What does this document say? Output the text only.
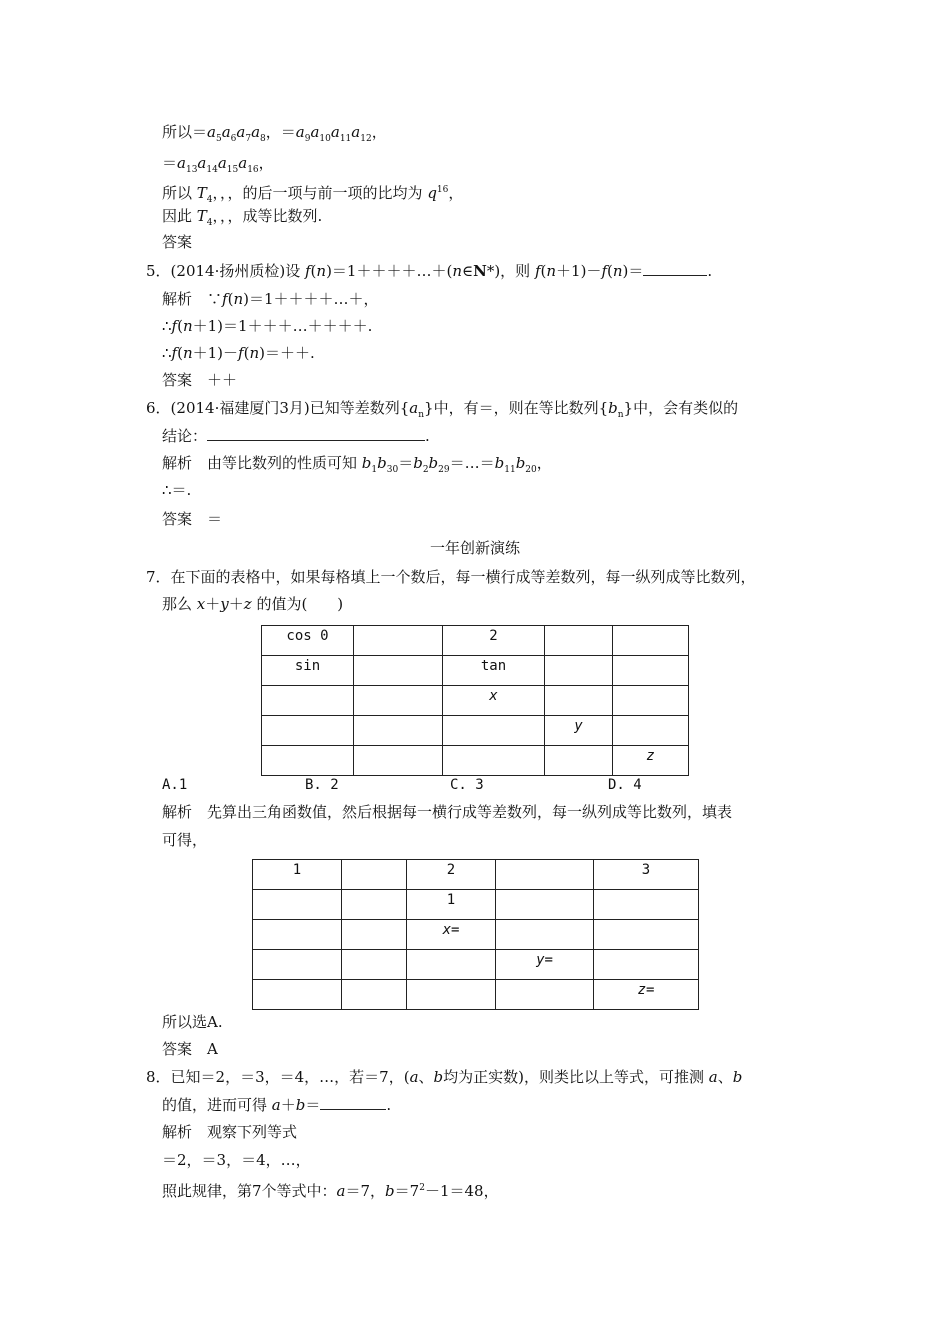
所以$=a_5a_6a_7a_8$，$=a_9a_{10}a_{11}a_{12}$，
$=a_{13}a_{14}a_{15}a_{16}$，
所以 $T_4$，，，的后一项与前一项的比均为 $q^{16}$，
因此 $T_4$，，，成等比数列.
答案
5．(2014·扬州质检)设 f(n)＝1＋＋＋＋…＋(n∈N*)，则 f(n＋1)－f(n)＝	.
解析　∵f(n)＝1＋＋＋＋…＋，
∴f(n＋1)＝1＋＋＋…＋＋＋＋.
∴f(n＋1)－f(n)＝＋＋.
答案　＋＋
6．(2014·福建厦门3月)已知等差数列$\{a_n\}$中，有＝，则在等比数列$\{b_n\}$中，会有类似的
结论：	.
解析　由等比数列的性质可知 $b_1b_{30}=b_2b_{29}=\dots=b_{11}b_{20}$，
∴＝.
答案　＝
一年创新演练
7．在下面的表格中，如果每格填上一个数后，每一横行成等差数列，每一纵列成等比数列，
那么 x＋y＋z 的值为(　　)
cos 0		2		
sin		tan		
		x		
			y	
				z
A.1	B. 2	C. 3	D. 4
解析　先算出三角函数值，然后根据每一横行成等差数列，每一纵列成等比数列，填表
可得，
1		2		3
		1		
		x=		
			y=	
				z=
所以选A.
答案　A
8．已知＝2，＝3，＝4，…，若＝7，(a、b均为正实数)，则类比以上等式，可推测 a、b
的值，进而可得 a＋b＝	.
解析　观察下列等式
＝2，＝3，＝4，…，
照此规律，第7个等式中：a＝7，$b=7^2-1=48$，
